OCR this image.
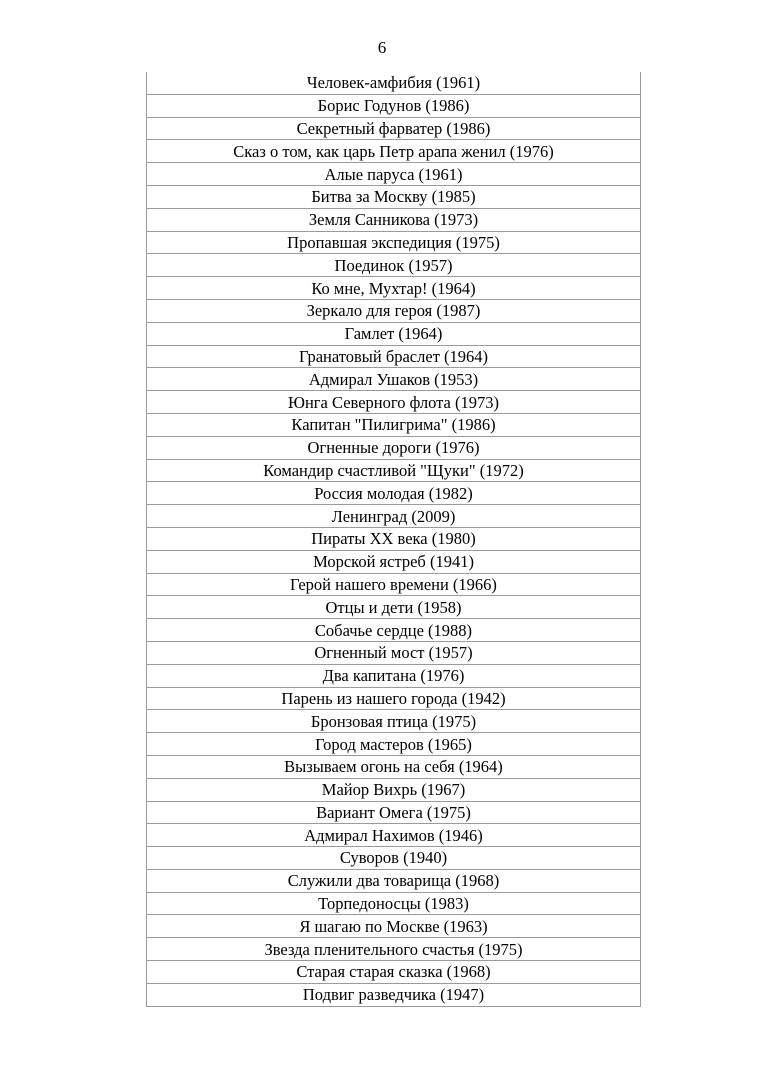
6
Человек-амфибия (1961)
Борис Годунов (1986)
Секретный фарватер (1986)
Сказ о том, как царь Петр арапа женил (1976)
Алые паруса (1961)
Битва за Москву (1985)
Земля Санникова (1973)
Пропавшая экспедиция (1975)
Поединок (1957)
Ко мне, Мухтар! (1964)
Зеркало для героя (1987)
Гамлет (1964)
Гранатовый браслет (1964)
Адмирал Ушаков (1953)
Юнга Северного флота (1973)
Капитан "Пилигрима" (1986)
Огненные дороги (1976)
Командир счастливой "Щуки" (1972)
Россия молодая (1982)
Ленинград (2009)
Пираты XX века (1980)
Морской ястреб (1941)
Герой нашего времени (1966)
Отцы и дети (1958)
Собачье сердце (1988)
Огненный мост (1957)
Два капитана (1976)
Парень из нашего города (1942)
Бронзовая птица (1975)
Город мастеров (1965)
Вызываем огонь на себя (1964)
Майор Вихрь (1967)
Вариант Омега (1975)
Адмирал Нахимов (1946)
Суворов (1940)
Служили два товарища (1968)
Торпедоносцы (1983)
Я шагаю по Москве (1963)
Звезда пленительного счастья (1975)
Старая старая сказка (1968)
Подвиг разведчика (1947)
